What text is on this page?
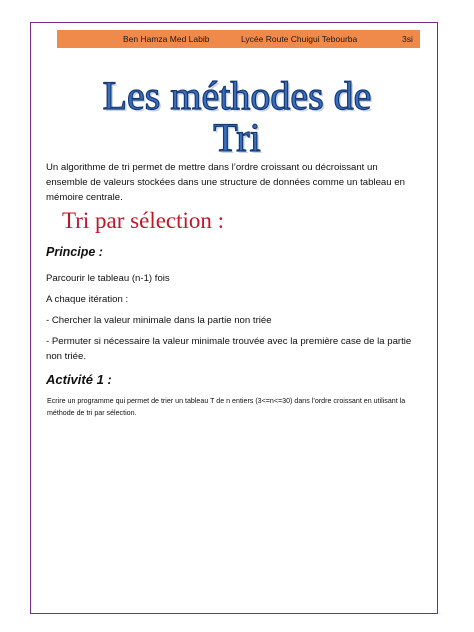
Ben Hamza Med Labib	Lycée Route Chuigui Tebourba	3si
Les méthodes de
Tri
Un algorithme de tri permet de mettre dans l’ordre croissant ou décroissant un ensemble de valeurs stockées dans une structure de données comme un tableau en mémoire centrale.
Tri par sélection :
Principe :
Parcourir le tableau (n-1) fois
A chaque itération :
- Chercher la valeur minimale dans la partie non triée
- Permuter si nécessaire la valeur minimale trouvée avec la première case de la partie non triée.
Activité 1 :
Ecrire un programme qui permet de trier un tableau T de n entiers (3<=n<=30) dans l’ordre croissant en utilisant la méthode de tri par sélection.
